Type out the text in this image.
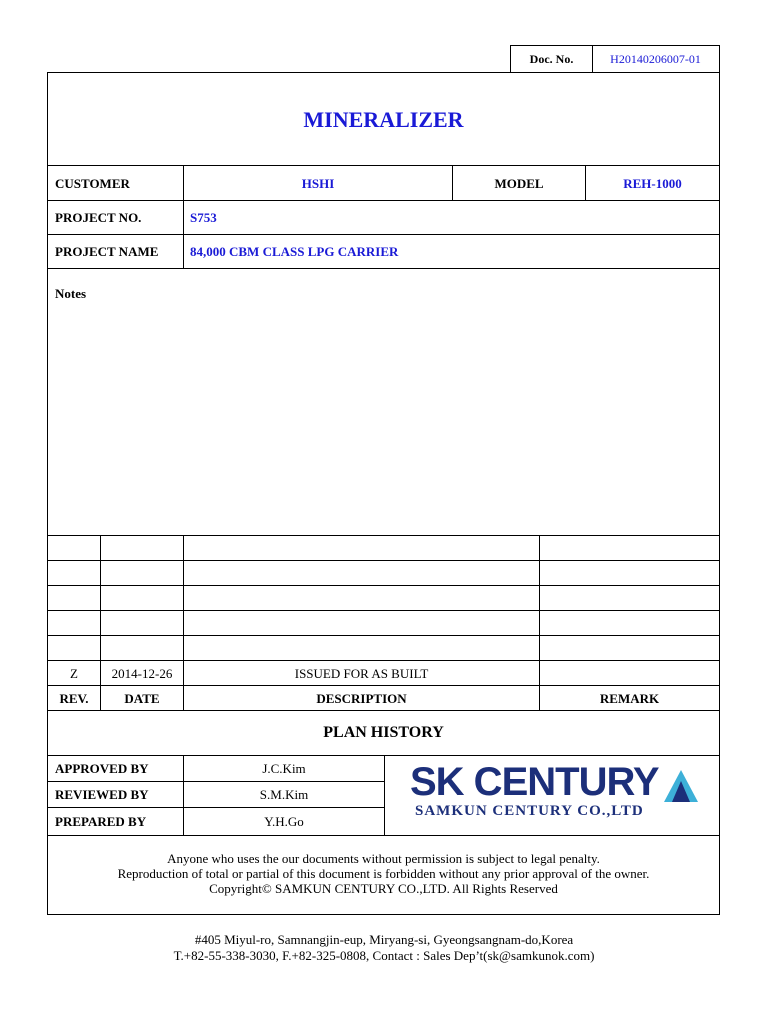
Doc. No.	H20140206007-01
MINERALIZER
CUSTOMER	HSHI	MODEL	REH-1000
PROJECT NO.	S753
PROJECT NAME	84,000 CBM CLASS LPG CARRIER
Notes
Z	2014-12-26	ISSUED FOR AS BUILT
REV.	DATE	DESCRIPTION	REMARK
PLAN HISTORY
APPROVED BY	J.C.Kim
REVIEWED BY	S.M.Kim
PREPARED BY	Y.H.Go
SK CENTURY
SAMKUN CENTURY CO.,LTD
Anyone who uses the our documents without permission is subject to legal penalty.
Reproduction of total or partial of this document is forbidden without any prior approval of the owner.
Copyright© SAMKUN CENTURY CO.,LTD. All Rights Reserved
#405 Miyul-ro, Samnangjin-eup, Miryang-si, Gyeongsangnam-do,Korea
T.+82-55-338-3030, F.+82-325-0808, Contact : Sales Dep’t(sk@samkunok.com)
